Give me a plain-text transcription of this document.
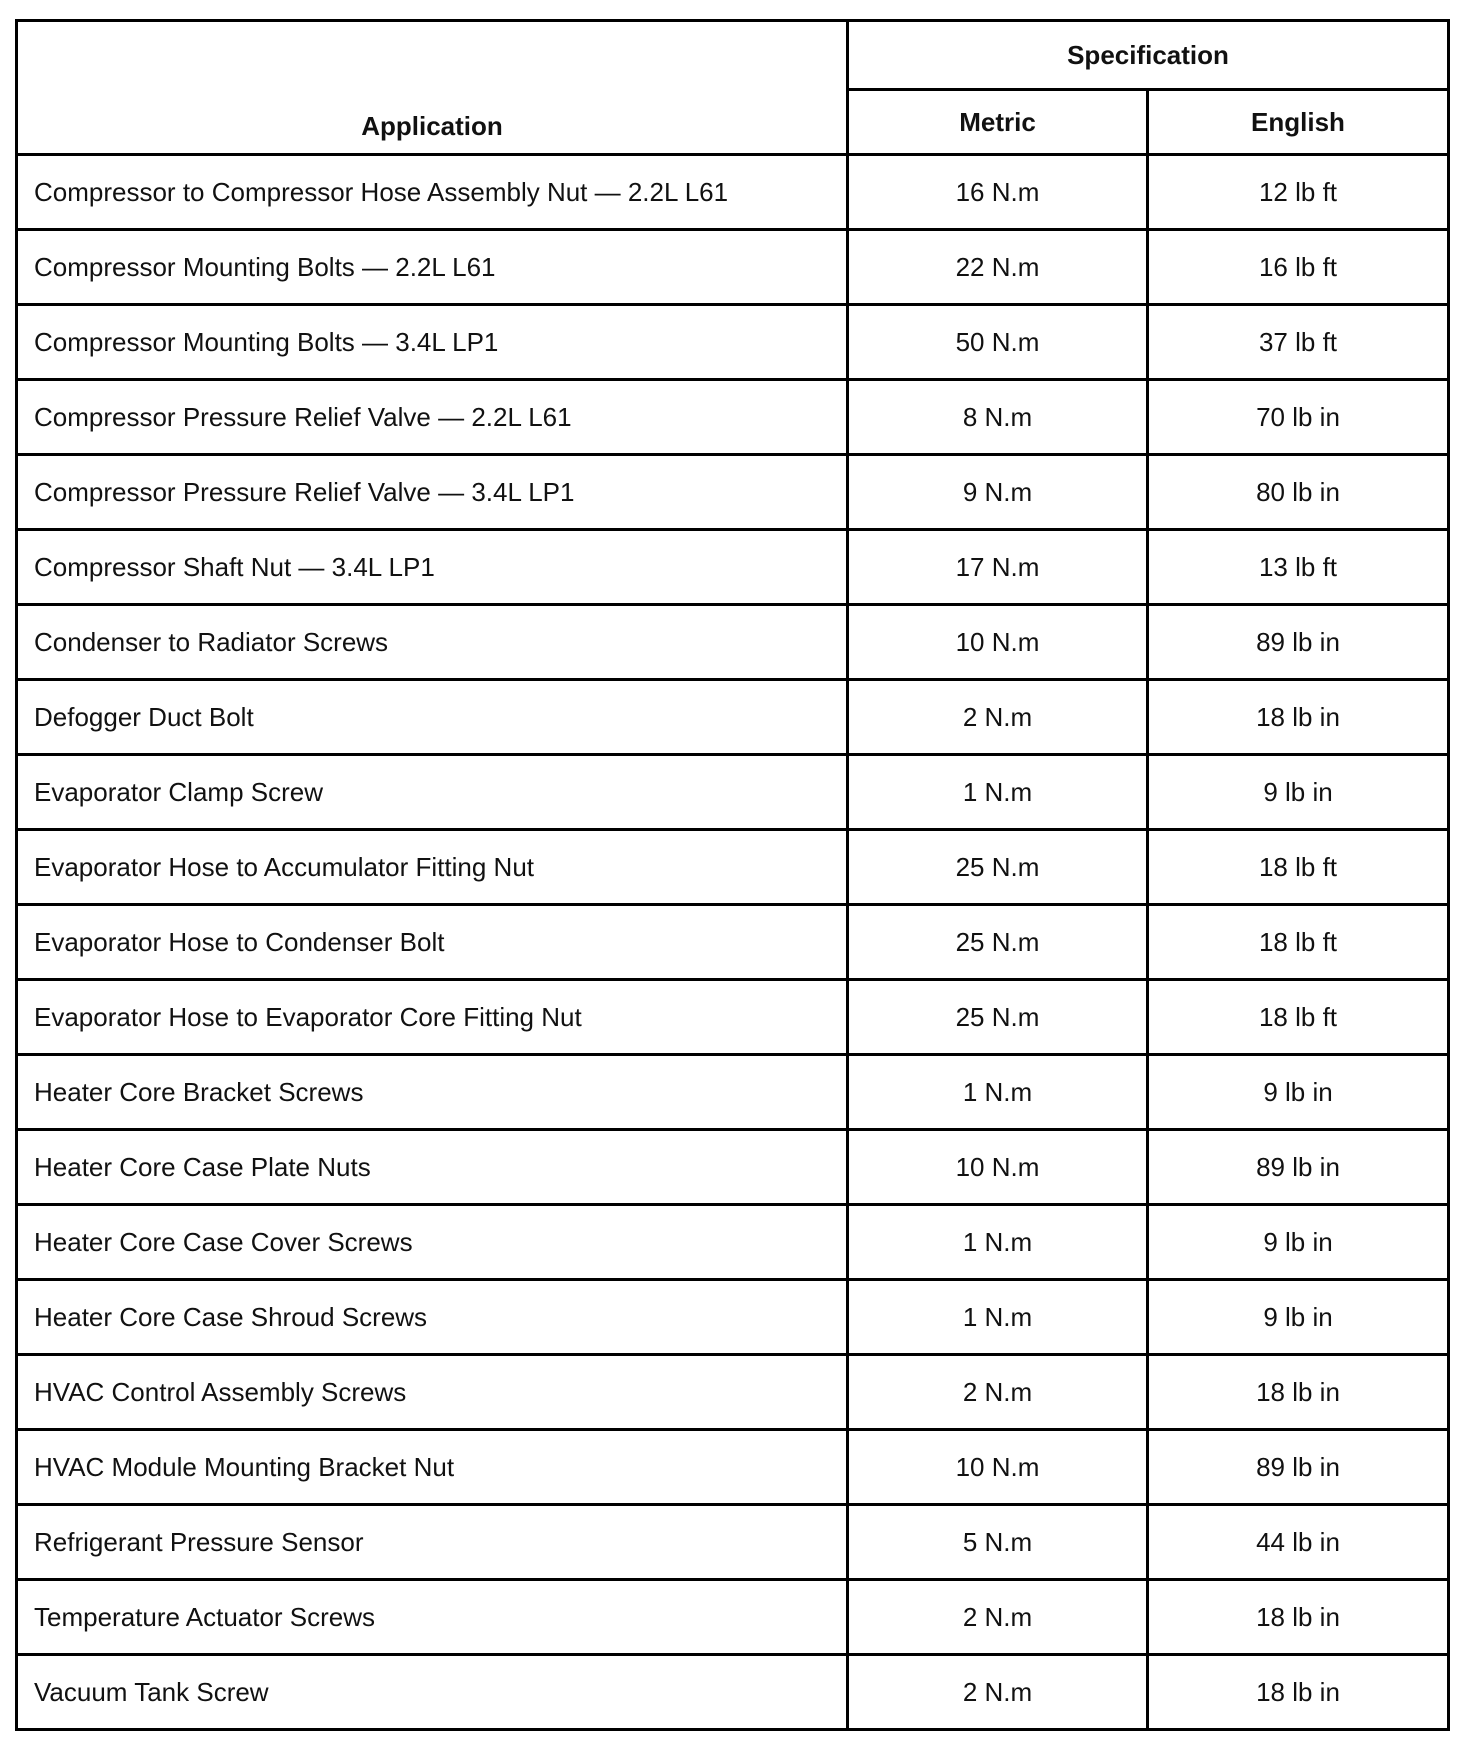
Application	Specification	
	Metric	English
Compressor to Compressor Hose Assembly Nut — 2.2L L61	16 N.m	12 lb ft
Compressor Mounting Bolts — 2.2L L61	22 N.m	16 lb ft
Compressor Mounting Bolts — 3.4L LP1	50 N.m	37 lb ft
Compressor Pressure Relief Valve — 2.2L L61	8 N.m	70 lb in
Compressor Pressure Relief Valve — 3.4L LP1	9 N.m	80 lb in
Compressor Shaft Nut — 3.4L LP1	17 N.m	13 lb ft
Condenser to Radiator Screws	10 N.m	89 lb in
Defogger Duct Bolt	2 N.m	18 lb in
Evaporator Clamp Screw	1 N.m	9 lb in
Evaporator Hose to Accumulator Fitting Nut	25 N.m	18 lb ft
Evaporator Hose to Condenser Bolt	25 N.m	18 lb ft
Evaporator Hose to Evaporator Core Fitting Nut	25 N.m	18 lb ft
Heater Core Bracket Screws	1 N.m	9 lb in
Heater Core Case Plate Nuts	10 N.m	89 lb in
Heater Core Case Cover Screws	1 N.m	9 lb in
Heater Core Case Shroud Screws	1 N.m	9 lb in
HVAC Control Assembly Screws	2 N.m	18 lb in
HVAC Module Mounting Bracket Nut	10 N.m	89 lb in
Refrigerant Pressure Sensor	5 N.m	44 lb in
Temperature Actuator Screws	2 N.m	18 lb in
Vacuum Tank Screw	2 N.m	18 lb in
